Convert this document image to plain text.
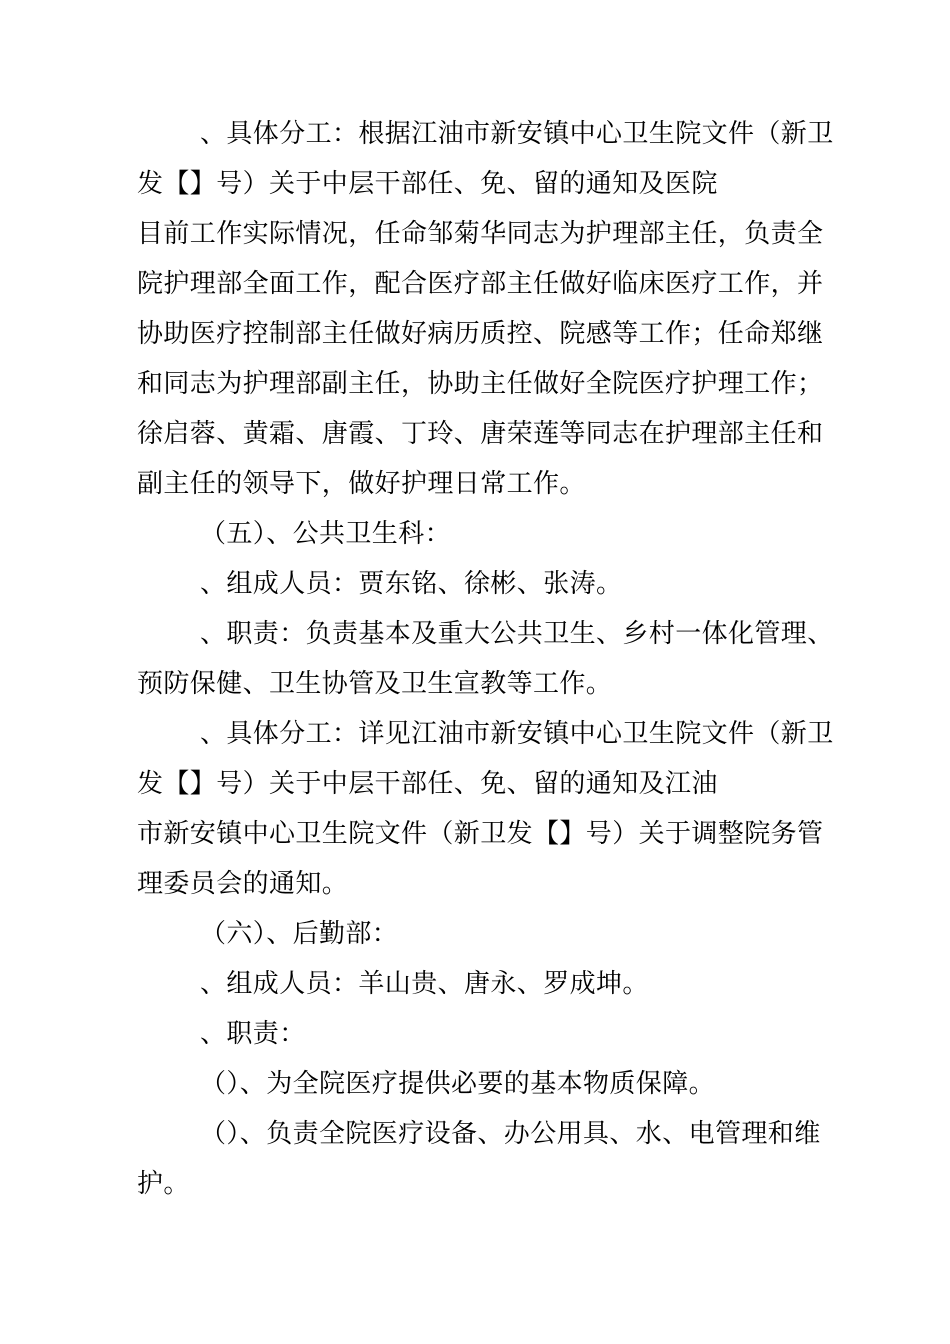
、具体分工：根据江油市新安镇中心卫生院文件（新卫
发【】号）关于中层干部任、免、留的通知及医院
目前工作实际情况，任命邹菊华同志为护理部主任，负责全
院护理部全面工作，配合医疗部主任做好临床医疗工作，并
协助医疗控制部主任做好病历质控、院感等工作；任命郑继
和同志为护理部副主任，协助主任做好全院医疗护理工作；
徐启蓉、黄霜、唐霞、丁玲、唐荣莲等同志在护理部主任和
副主任的领导下，做好护理日常工作。
（五）、公共卫生科：
、组成人员：贾东铭、徐彬、张涛。
、职责：负责基本及重大公共卫生、乡村一体化管理、
预防保健、卫生协管及卫生宣教等工作。
、具体分工：详见江油市新安镇中心卫生院文件（新卫
发【】号）关于中层干部任、免、留的通知及江油
市新安镇中心卫生院文件（新卫发【】号）关于调整院务管
理委员会的通知。
（六）、后勤部：
、组成人员：羊山贵、唐永、罗成坤。
、职责：
（）、为全院医疗提供必要的基本物质保障。
（）、负责全院医疗设备、办公用具、水、电管理和维
护。
